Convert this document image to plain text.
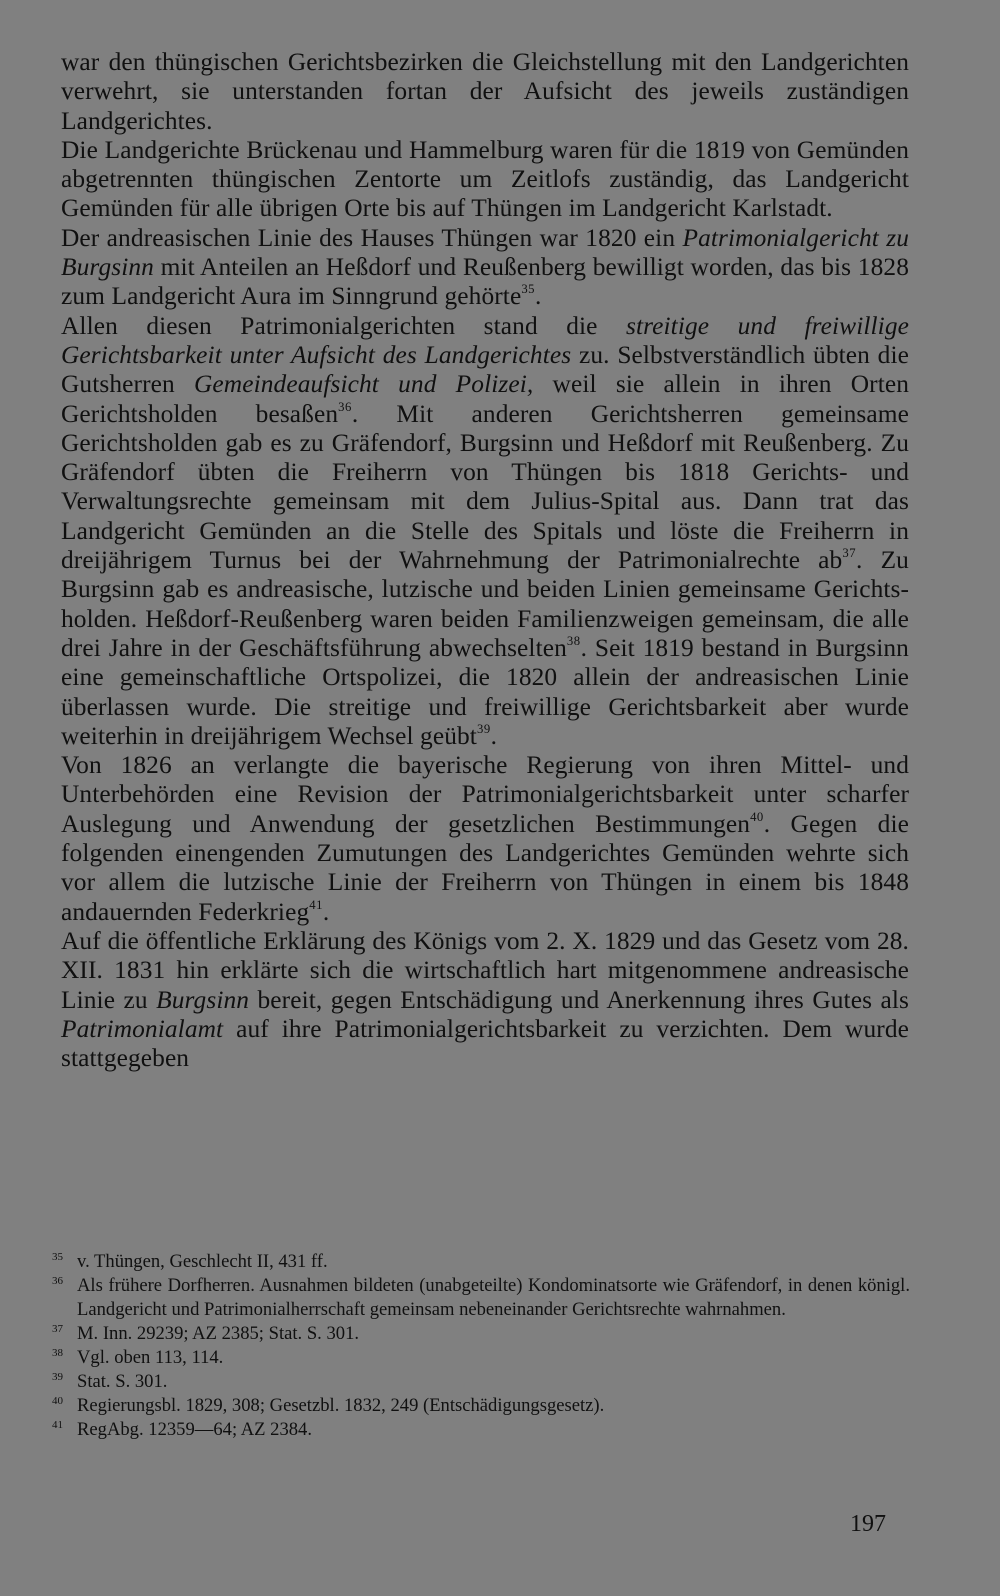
war den thüngischen Gerichtsbezirken die Gleichstellung mit den Landgerichten verwehrt, sie unterstanden fortan der Aufsicht des jeweils zuständigen Landgerichtes.

Die Landgerichte Brückenau und Hammelburg waren für die 1819 von Gemünden abgetrennten thüngischen Zentorte um Zeitlofs zuständig, das Landgericht Gemünden für alle übrigen Orte bis auf Thüngen im Landgericht Karlstadt.

Der andreasischen Linie des Hauses Thüngen war 1820 ein Patrimonialgericht zu Burgsinn mit Anteilen an Heßdorf und Reußenberg bewilligt worden, das bis 1828 zum Landgericht Aura im Sinngrund gehörte$^{35}$.

Allen diesen Patrimonialgerichten stand die streitige und freiwillige Gerichtsbarkeit unter Aufsicht des Landgerichtes zu. Selbstverständlich übten die Gutsherren Gemeindeaufsicht und Polizei, weil sie allein in ihren Orten Gerichtsholden besaßen$^{36}$. Mit anderen Gerichtsherren gemeinsame Gerichtsholden gab es zu Gräfendorf, Burgsinn und Heßdorf mit Reußenberg. Zu Gräfendorf übten die Freiherrn von Thüngen bis 1818 Gerichts- und Verwaltungsrechte gemeinsam mit dem Julius-Spital aus. Dann trat das Landgericht Gemünden an die Stelle des Spitals und löste die Freiherrn in dreijährigem Turnus bei der Wahrnehmung der Patrimonialrechte ab$^{37}$. Zu Burgsinn gab es andreasische, lutzische und beiden Linien gemeinsame Gerichtsholden. Heßdorf-Reußenberg waren beiden Familienzweigen gemeinsam, die alle drei Jahre in der Geschäftsführung abwechselten$^{38}$. Seit 1819 bestand in Burgsinn eine gemeinschaftliche Ortspolizei, die 1820 allein der andreasischen Linie überlassen wurde. Die streitige und freiwillige Gerichtsbarkeit aber wurde weiterhin in dreijährigem Wechsel geübt$^{39}$.

Von 1826 an verlangte die bayerische Regierung von ihren Mittel- und Unterbehörden eine Revision der Patrimonialgerichtsbarkeit unter scharfer Auslegung und Anwendung der gesetzlichen Bestimmungen$^{40}$. Gegen die folgenden einengenden Zumutungen des Landgerichtes Gemünden wehrte sich vor allem die lutzische Linie der Freiherrn von Thüngen in einem bis 1848 andauernden Federkrieg$^{41}$.

Auf die öffentliche Erklärung des Königs vom 2. X. 1829 und das Gesetz vom 28. XII. 1831 hin erklärte sich die wirtschaftlich hart mitgenommene andreasische Linie zu Burgsinn bereit, gegen Entschädigung und Anerkennung ihres Gutes als Patrimonialamt auf ihre Patrimonialgerichtsbarkeit zu verzichten. Dem wurde stattgegeben

35 v. Thüngen, Geschlecht II, 431 ff.

36 Als frühere Dorfherren. Ausnahmen bildeten (unabgeteilte) Kondominatsorte wie Gräfendorf, in denen königl. Landgericht und Patrimonialherrschaft gemeinsam nebeneinander Gerichtsrechte wahrnahmen.

37 M. Inn. 29239; AZ 2385; Stat. S. 301.

38 Vgl. oben 113, 114.

39 Stat. S. 301.

40 Regierungsbl. 1829, 308; Gesetzbl. 1832, 249 (Entschädigungsgesetz).

41 RegAbg. 12359—64; AZ 2384.

197
